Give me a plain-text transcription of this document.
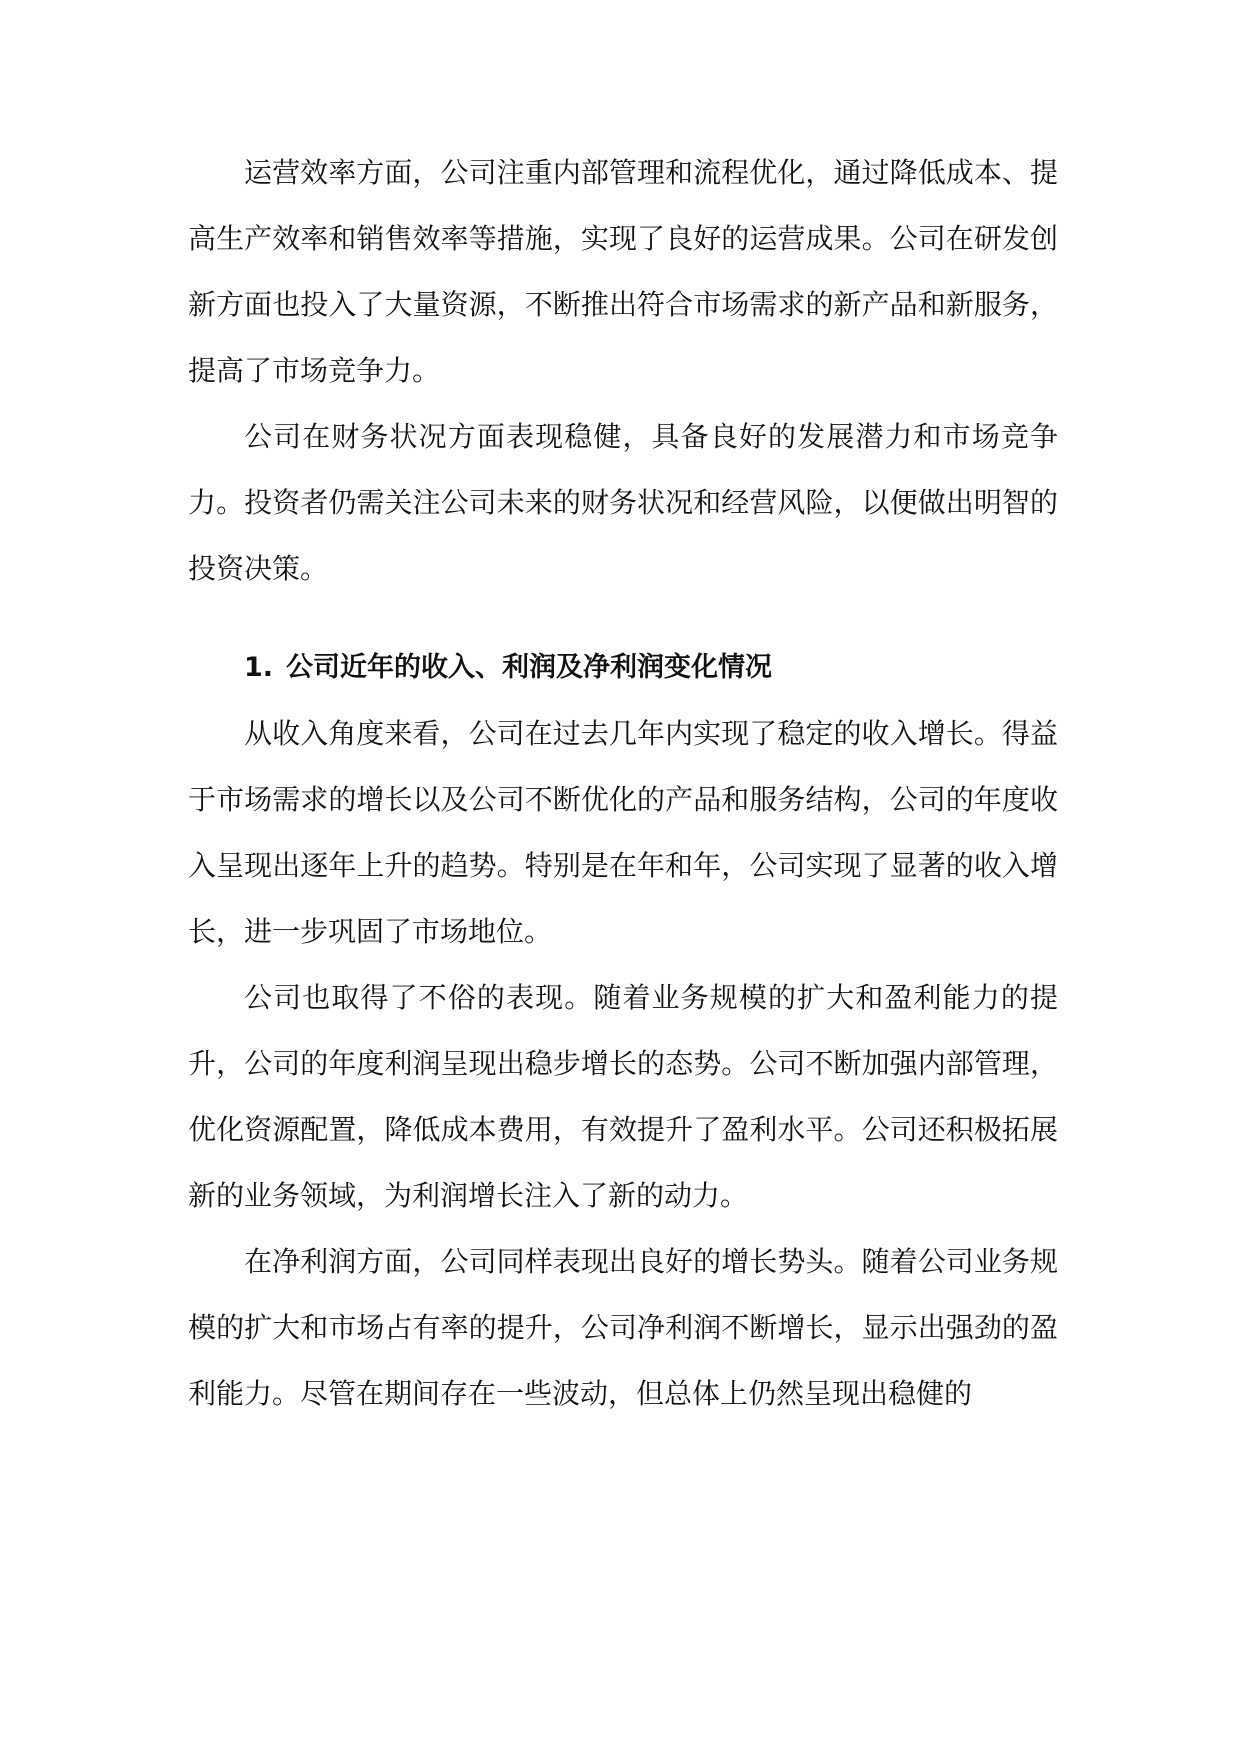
运营效率方面，公司注重内部管理和流程优化，通过降低成本、提高生产效率和销售效率等措施，实现了良好的运营成果。公司在研发创新方面也投入了大量资源，不断推出符合市场需求的新产品和新服务，提高了市场竞争力。

公司在财务状况方面表现稳健，具备良好的发展潜力和市场竞争力。投资者仍需关注公司未来的财务状况和经营风险，以便做出明智的投资决策。

1. 公司近年的收入、利润及净利润变化情况

从收入角度来看，公司在过去几年内实现了稳定的收入增长。得益于市场需求的增长以及公司不断优化的产品和服务结构，公司的年度收入呈现出逐年上升的趋势。特别是在年和年，公司实现了显著的收入增长，进一步巩固了市场地位。

公司也取得了不俗的表现。随着业务规模的扩大和盈利能力的提升，公司的年度利润呈现出稳步增长的态势。公司不断加强内部管理，优化资源配置，降低成本费用，有效提升了盈利水平。公司还积极拓展新的业务领域，为利润增长注入了新的动力。

在净利润方面，公司同样表现出良好的增长势头。随着公司业务规模的扩大和市场占有率的提升，公司净利润不断增长，显示出强劲的盈利能力。尽管在期间存在一些波动，但总体上仍然呈现出稳健的
